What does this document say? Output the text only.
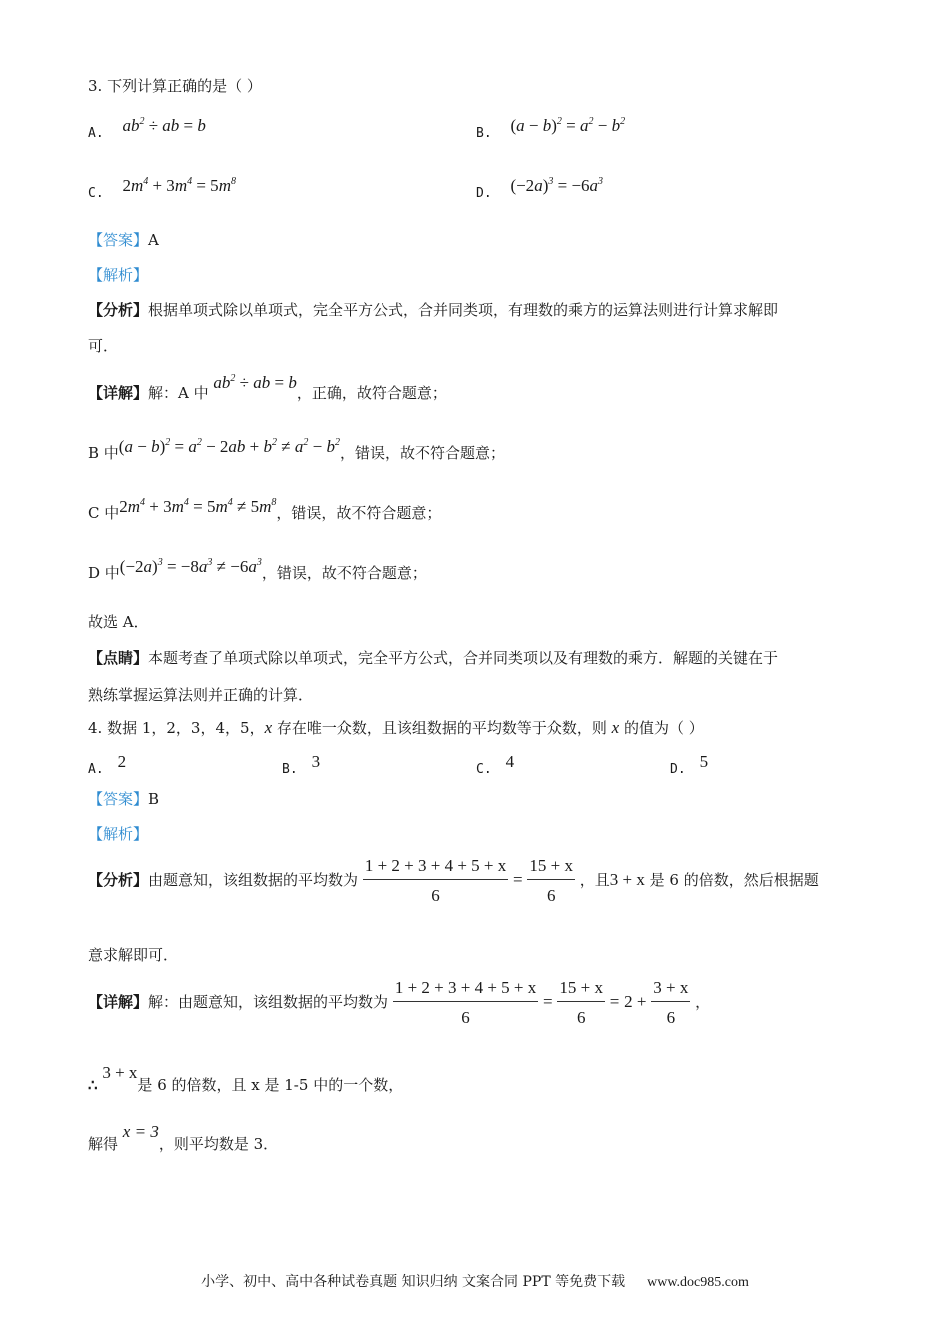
3. 下列计算正确的是（ ）
A. $ab^2$ ÷ ab = b	B. $(a - b)^2 = a^2 - b^2$
C. $2m^4 + 3m^4 = 5m^8$
D. $(-2a)^3 = -6a^3$
【答案】A
【解析】
【分析】根据单项式除以单项式，完全平方公式，合并同类项，有理数的乘方的运算法则进行计算求解即
可．
【详解】解：A 中 $ab^2$ ÷ ab = b，正确，故符合题意；
B 中$(a - b)^2 = a^2 - 2ab + b^2 \ne a^2 - b^2$，错误，故不符合题意；
C 中$2m^4 + 3m^4 = 5m^4 \ne 5m^8$，错误，故不符合题意；
D 中$(-2a)^3 = -8a^3 \ne -6a^3$，错误，故不符合题意；
故选 A．
【点睛】本题考查了单项式除以单项式，完全平方公式，合并同类项以及有理数的乘方．解题的关键在于
熟练掌握运算法则并正确的计算．
4. 数据 1，2，3，4，5，x 存在唯一众数，且该组数据的平均数等于众数，则 x 的值为（ ）
A. 2	B. 3	C. 4	D. 5
【答案】B
【解析】
【分析】由题意知，该组数据的平均数为 $\frac{1 + 2 + 3 + 4 + 5 + x}{6} = \frac{15 + x}{6}$ ，且3 + x 是 6 的倍数，然后根据题
意求解即可．
【详解】解：由题意知，该组数据的平均数为 $\frac{1 + 2 + 3 + 4 + 5 + x}{6} = \frac{15 + x}{6} = 2 + \frac{3 + x}{6}$ ，
∴ 3 + x是 6 的倍数，且 x 是 1-5 中的一个数，
解得 x = 3，则平均数是 3．
小学、初中、高中各种试卷真题 知识归纳 文案合同 PPT 等免费下载 www.doc985.com
